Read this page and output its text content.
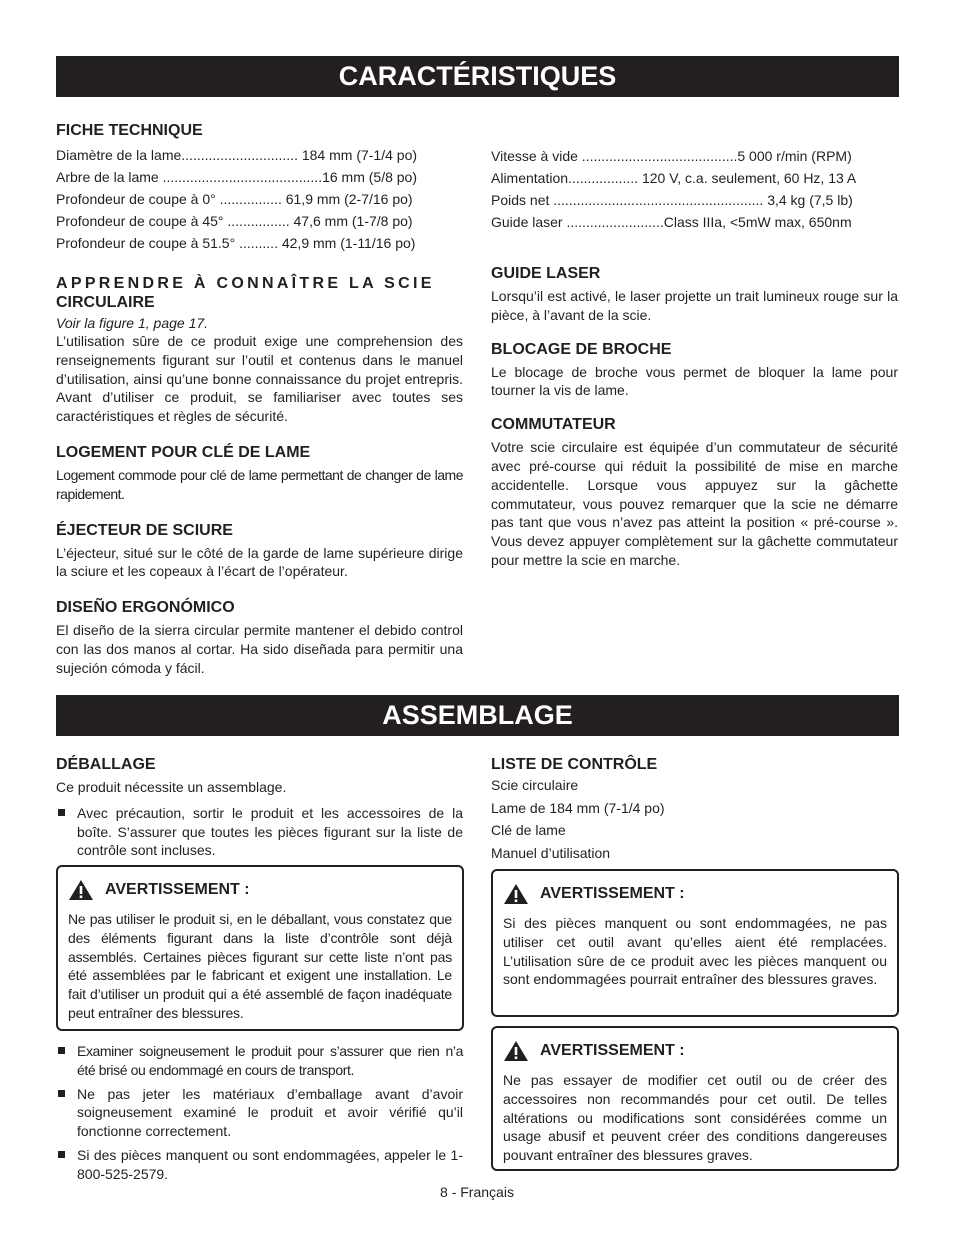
CARACTÉRISTIQUES
FICHE TECHNIQUE
Diamètre de la lame.............................. 184 mm (7-1/4 po)
Arbre de la lame .........................................16 mm (5/8 po)
Profondeur de coupe à 0° ................ 61,9 mm (2-7/16 po)
Profondeur de coupe à 45° ................ 47,6 mm (1-7/8 po)
Profondeur de coupe à 51.5° .......... 42,9 mm (1-11/16 po)
APPRENDRE À CONNAÎTRE LA SCIE
CIRCULAIRE
Voir la figure 1, page 17.

L’utilisation sûre de ce produit exige une comprehension des renseignements figurant sur l’outil et contenus dans le manuel d’utilisation, ainsi qu’une bonne connaissance du projet entrepris. Avant d’utiliser ce produit, se familiariser avec toutes ses caractéristiques et règles de sécurité.

LOGEMENT POUR CLÉ DE LAME

Logement commode pour clé de lame permettant de changer de lame rapidement.

ÉJECTEUR DE SCIURE

L’éjecteur, situé sur le côté de la garde de lame supérieure dirige la sciure et les copeaux à l’écart de l’opérateur.

DISEÑO ERGONÓMICO

El diseño de la sierra circular permite mantener el debido control con las dos manos al cortar. Ha sido diseñada para permitir una sujeción cómoda y fácil.

Vitesse à vide ........................................5 000 r/min (RPM)
Alimentation.................. 120 V, c.a. seulement, 60 Hz, 13 A
Poids net ...................................................... 3,4 kg (7,5 lb)
Guide laser .........................Class IIIa, <5mW max, 650nm
GUIDE LASER

Lorsqu’il est activé, le laser projette un trait lumineux rouge sur la pièce, à l’avant de la scie.

BLOCAGE DE BROCHE

Le blocage de broche vous permet de bloquer la lame pour tourner la vis de lame.

COMMUTATEUR

Votre scie circulaire est équipée d’un commutateur de sécurité avec pré-course qui réduit la possibilité de mise en marche accidentelle. Lorsque vous appuyez sur la gâchette commutateur, vous pouvez remarquer que la scie ne démarre pas tant que vous n’avez pas atteint la position « pré-course ». Vous devez appuyer complètement sur la gâchette commutateur pour mettre la scie en marche.

ASSEMBLAGE
DÉBALLAGE

Ce produit nécessite un assemblage.

Avec précaution, sortir le produit et les accessoires de la boîte. S’assurer que toutes les pièces figurant sur la liste de contrôle sont incluses.
AVERTISSEMENT :

Ne pas utiliser le produit si, en le déballant, vous constatez que des éléments figurant dans la liste d’contrôle sont déjà assemblés. Certaines pièces figurant sur cette liste n’ont pas été assemblées par le fabricant et exigent une installation. Le fait d’utiliser un produit qui a été assemblé de façon inadéquate peut entraîner des blessures.

Examiner soigneusement le produit pour s’assurer que rien n’a été brisé ou endommagé en cours de transport.
Ne pas jeter les matériaux d’emballage avant d’avoir soigneusement examiné le produit et avoir vérifié qu’il fonctionne correctement.
Si des pièces manquent ou sont endommagées, appeler le 1-800-525-2579.
LISTE DE CONTRÔLE
Scie circulaire
Lame de 184 mm (7-1/4 po)
Clé de lame
Manuel d’utilisation
AVERTISSEMENT :

Si des pièces manquent ou sont endommagées, ne pas utiliser cet outil avant qu’elles aient été remplacées. L’utilisation sûre de ce produit avec les pièces manquent ou sont endommagées pourrait entraîner des blessures graves.

AVERTISSEMENT :

Ne pas essayer de modifier cet outil ou de créer des accessoires non recommandés pour cet outil. De telles altérations ou modifications sont considérées comme un usage abusif et peuvent créer des conditions dangereuses pouvant entraîner des blessures graves.

8 - Français
